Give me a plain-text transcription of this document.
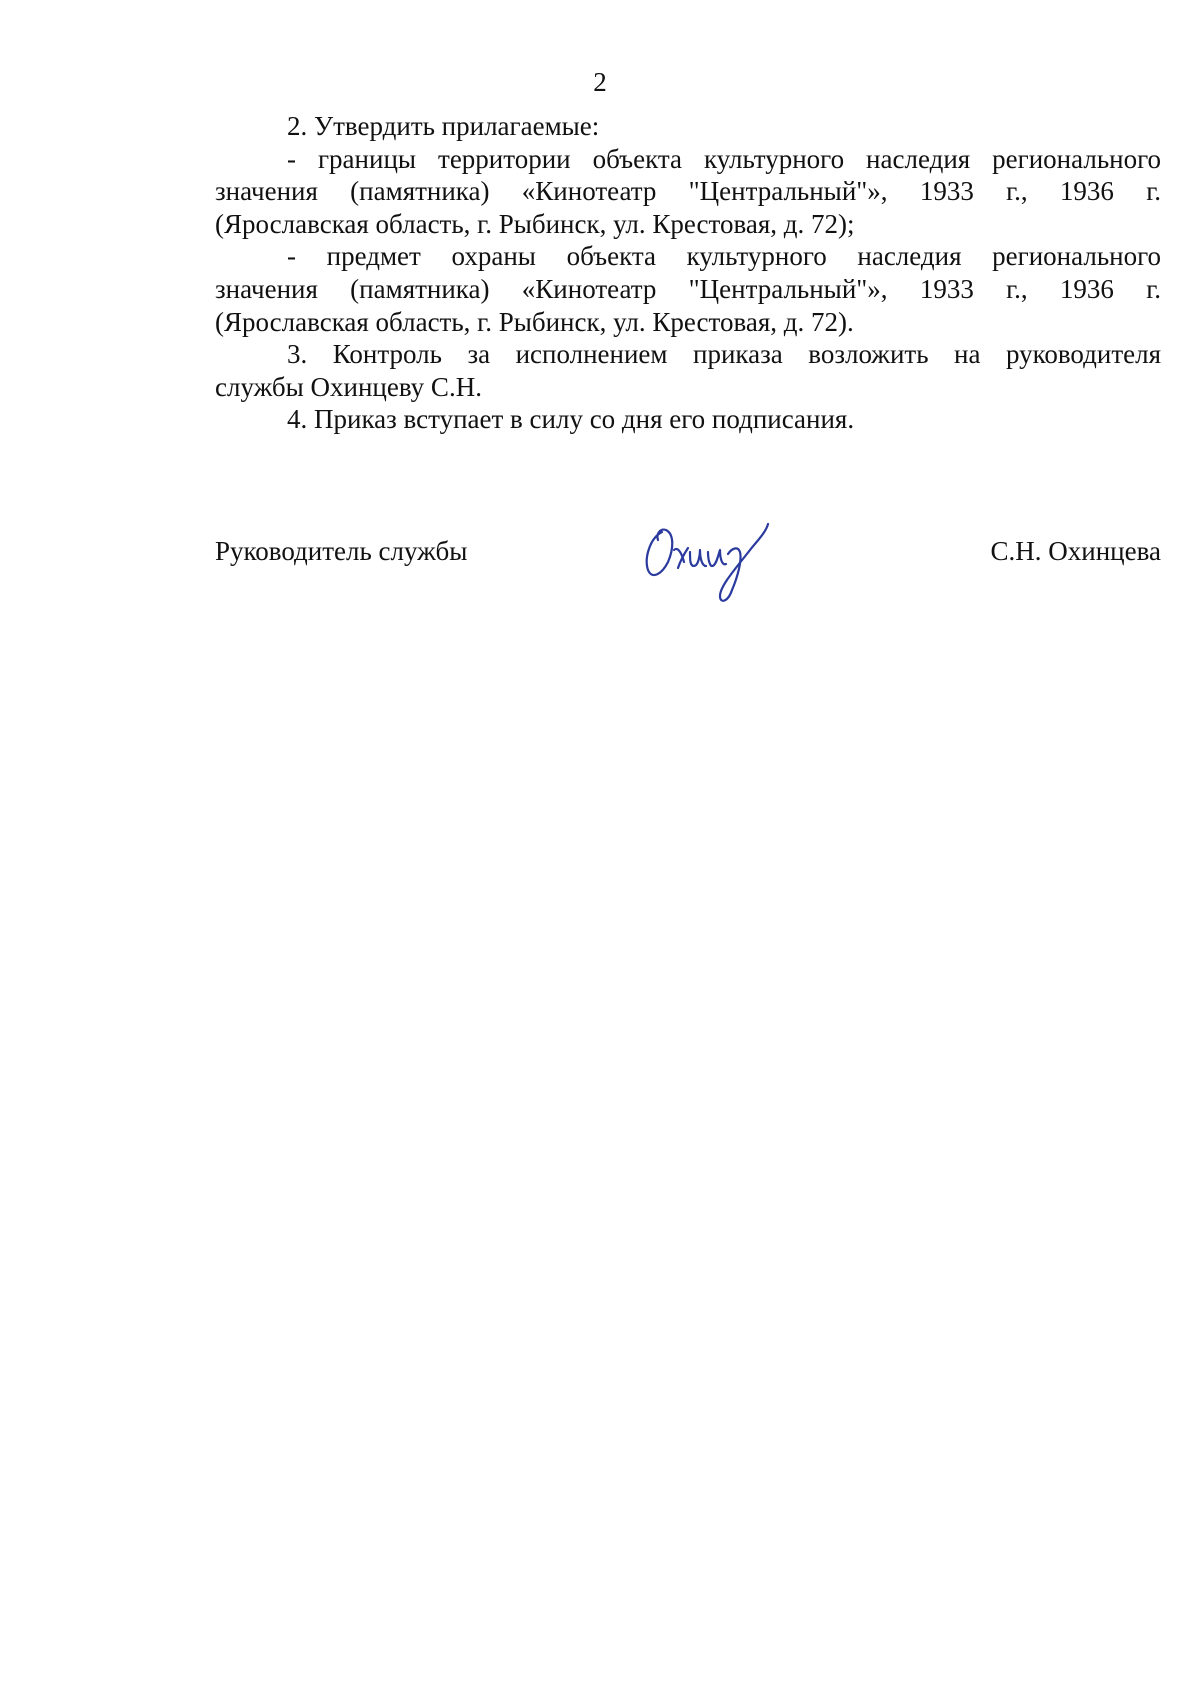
2
2. Утвердить прилагаемые:
- границы территории объекта культурного наследия регионального
значения (памятника) «Кинотеатр "Центральный"», 1933 г., 1936 г.
(Ярославская область, г. Рыбинск, ул. Крестовая, д. 72);
- предмет охраны объекта культурного наследия регионального
значения (памятника) «Кинотеатр "Центральный"», 1933 г., 1936 г.
(Ярославская область, г. Рыбинск, ул. Крестовая, д. 72).
3. Контроль за исполнением приказа возложить на руководителя
службы Охинцеву С.Н.
4. Приказ вступает в силу со дня его подписания.
Руководитель службы	С.Н. Охинцева
